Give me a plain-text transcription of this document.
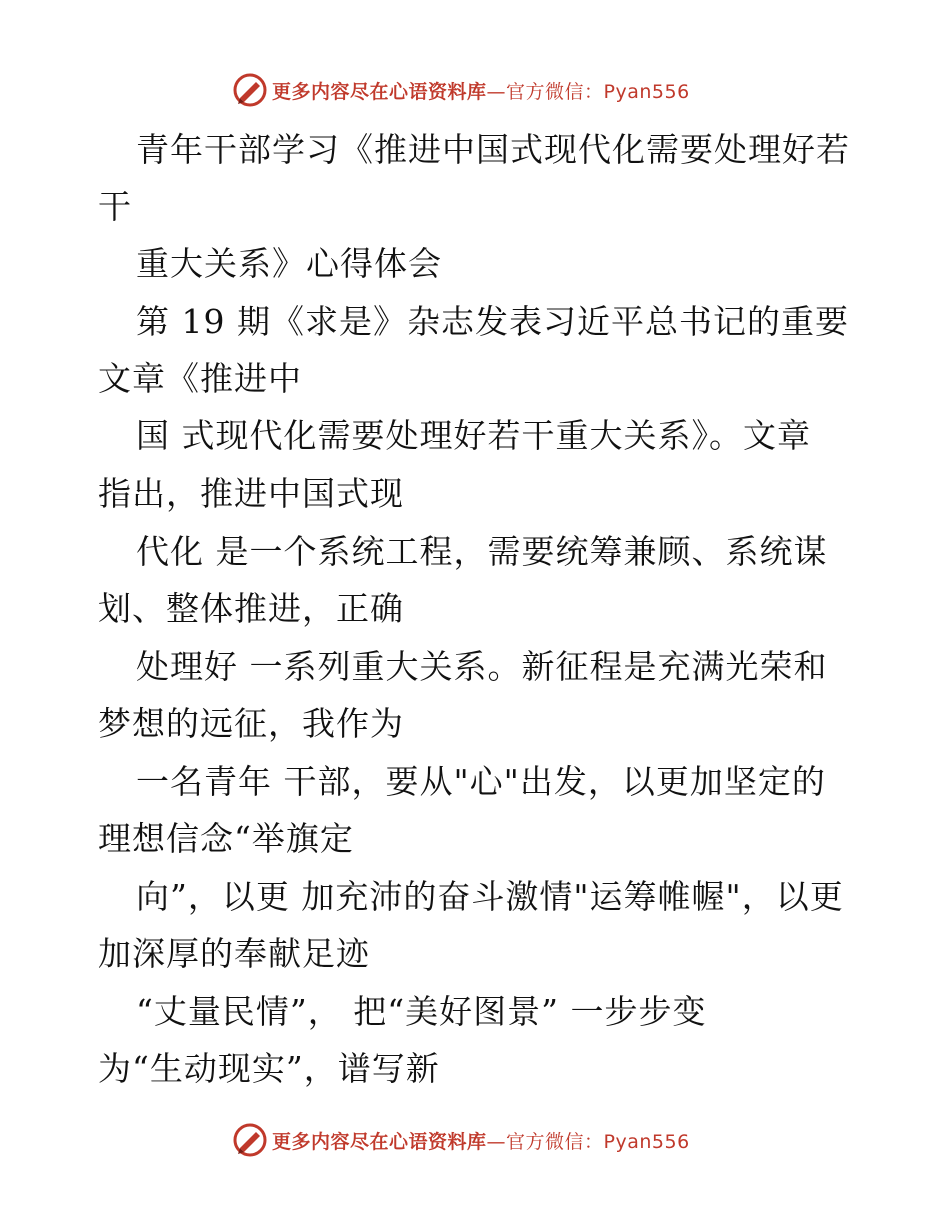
更多内容尽在心语资料库—官方微信：Pyan556
青年干部学习《推进中国式现代化需要处理好若
干
重大关系》心得体会
第 19 期《求是》杂志发表习近平总书记的重要
文章《推进中
国 式现代化需要处理好若干重大关系》。文章
指出，推进中国式现
代化 是一个系统工程，需要统筹兼顾、系统谋
划、整体推进，正确
处理好 一系列重大关系。新征程是充满光荣和
梦想的远征，我作为
一名青年 干部，要从"心"出发，以更加坚定的
理想信念“举旗定
向”，以更 加充沛的奋斗激情"运筹帷幄"，以更
加深厚的奉献足迹
“丈量民情”， 把“美好图景” 一步步变
为“生动现实”，谱写新
更多内容尽在心语资料库—官方微信：Pyan556
